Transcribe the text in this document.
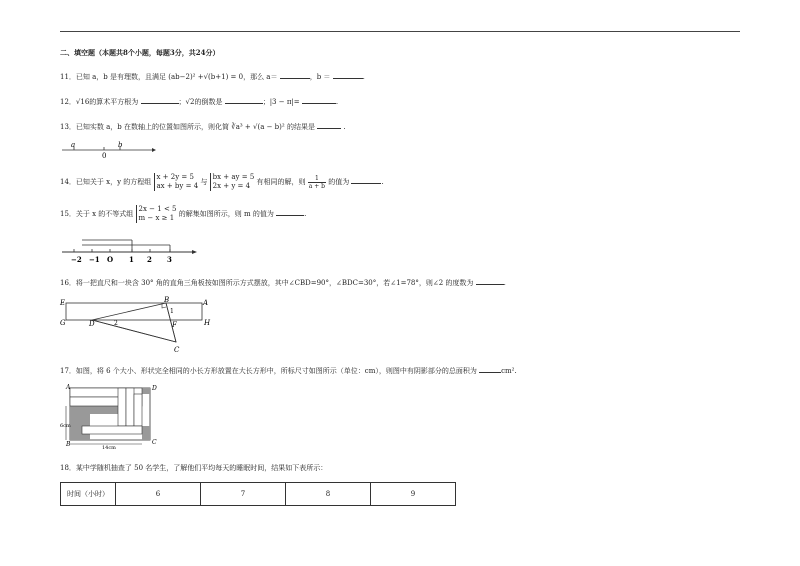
二、填空题（本题共8个小题，每题3分，共24分）
11．已知 a，b 是有理数，且满足 (ab−2)² +√(b+1) = 0，那么 a＝	，b ＝	.
12．√16的算术平方根为	；√2的倒数是	；|3 − π|=	.
13．已知实数 a，b 在数轴上的位置如图所示，则化简 ∛a³ + √(a − b)² 的结果是	.
a
0
b
14．已知关于 x，y 的方程组
x + 2y = 5
ax + by = 4 与
bx + ay = 5
2x + y = 4 有相同的解，则 $\frac{1}{a + b}$ 的值为	.
15．关于 x 的不等式组
2x − 1 < 5
m − x ≥ 1 的解集如图所示，则 m 的值为	.
−2 −1 O 1 2 3
16．将一把直尺和一块含 30° 角的直角三角板按如图所示方式摆放，其中∠CBD=90°，∠BDC=30°，若∠1=78°，则∠2 的度数为	.
E	B	A
G	D	F	H
C
1
2
17．如图，将 6 个大小、形状完全相同的小长方形放置在大长方形中，所标尺寸如图所示（单位：cm），则图中有阴影部分的总面积为	cm².
A	D
B	C
6cm
14cm
18．某中学随机抽查了 50 名学生，了解他们平均每天的睡眠时间，结果如下表所示：
时间（小时）	6	7	8	9
